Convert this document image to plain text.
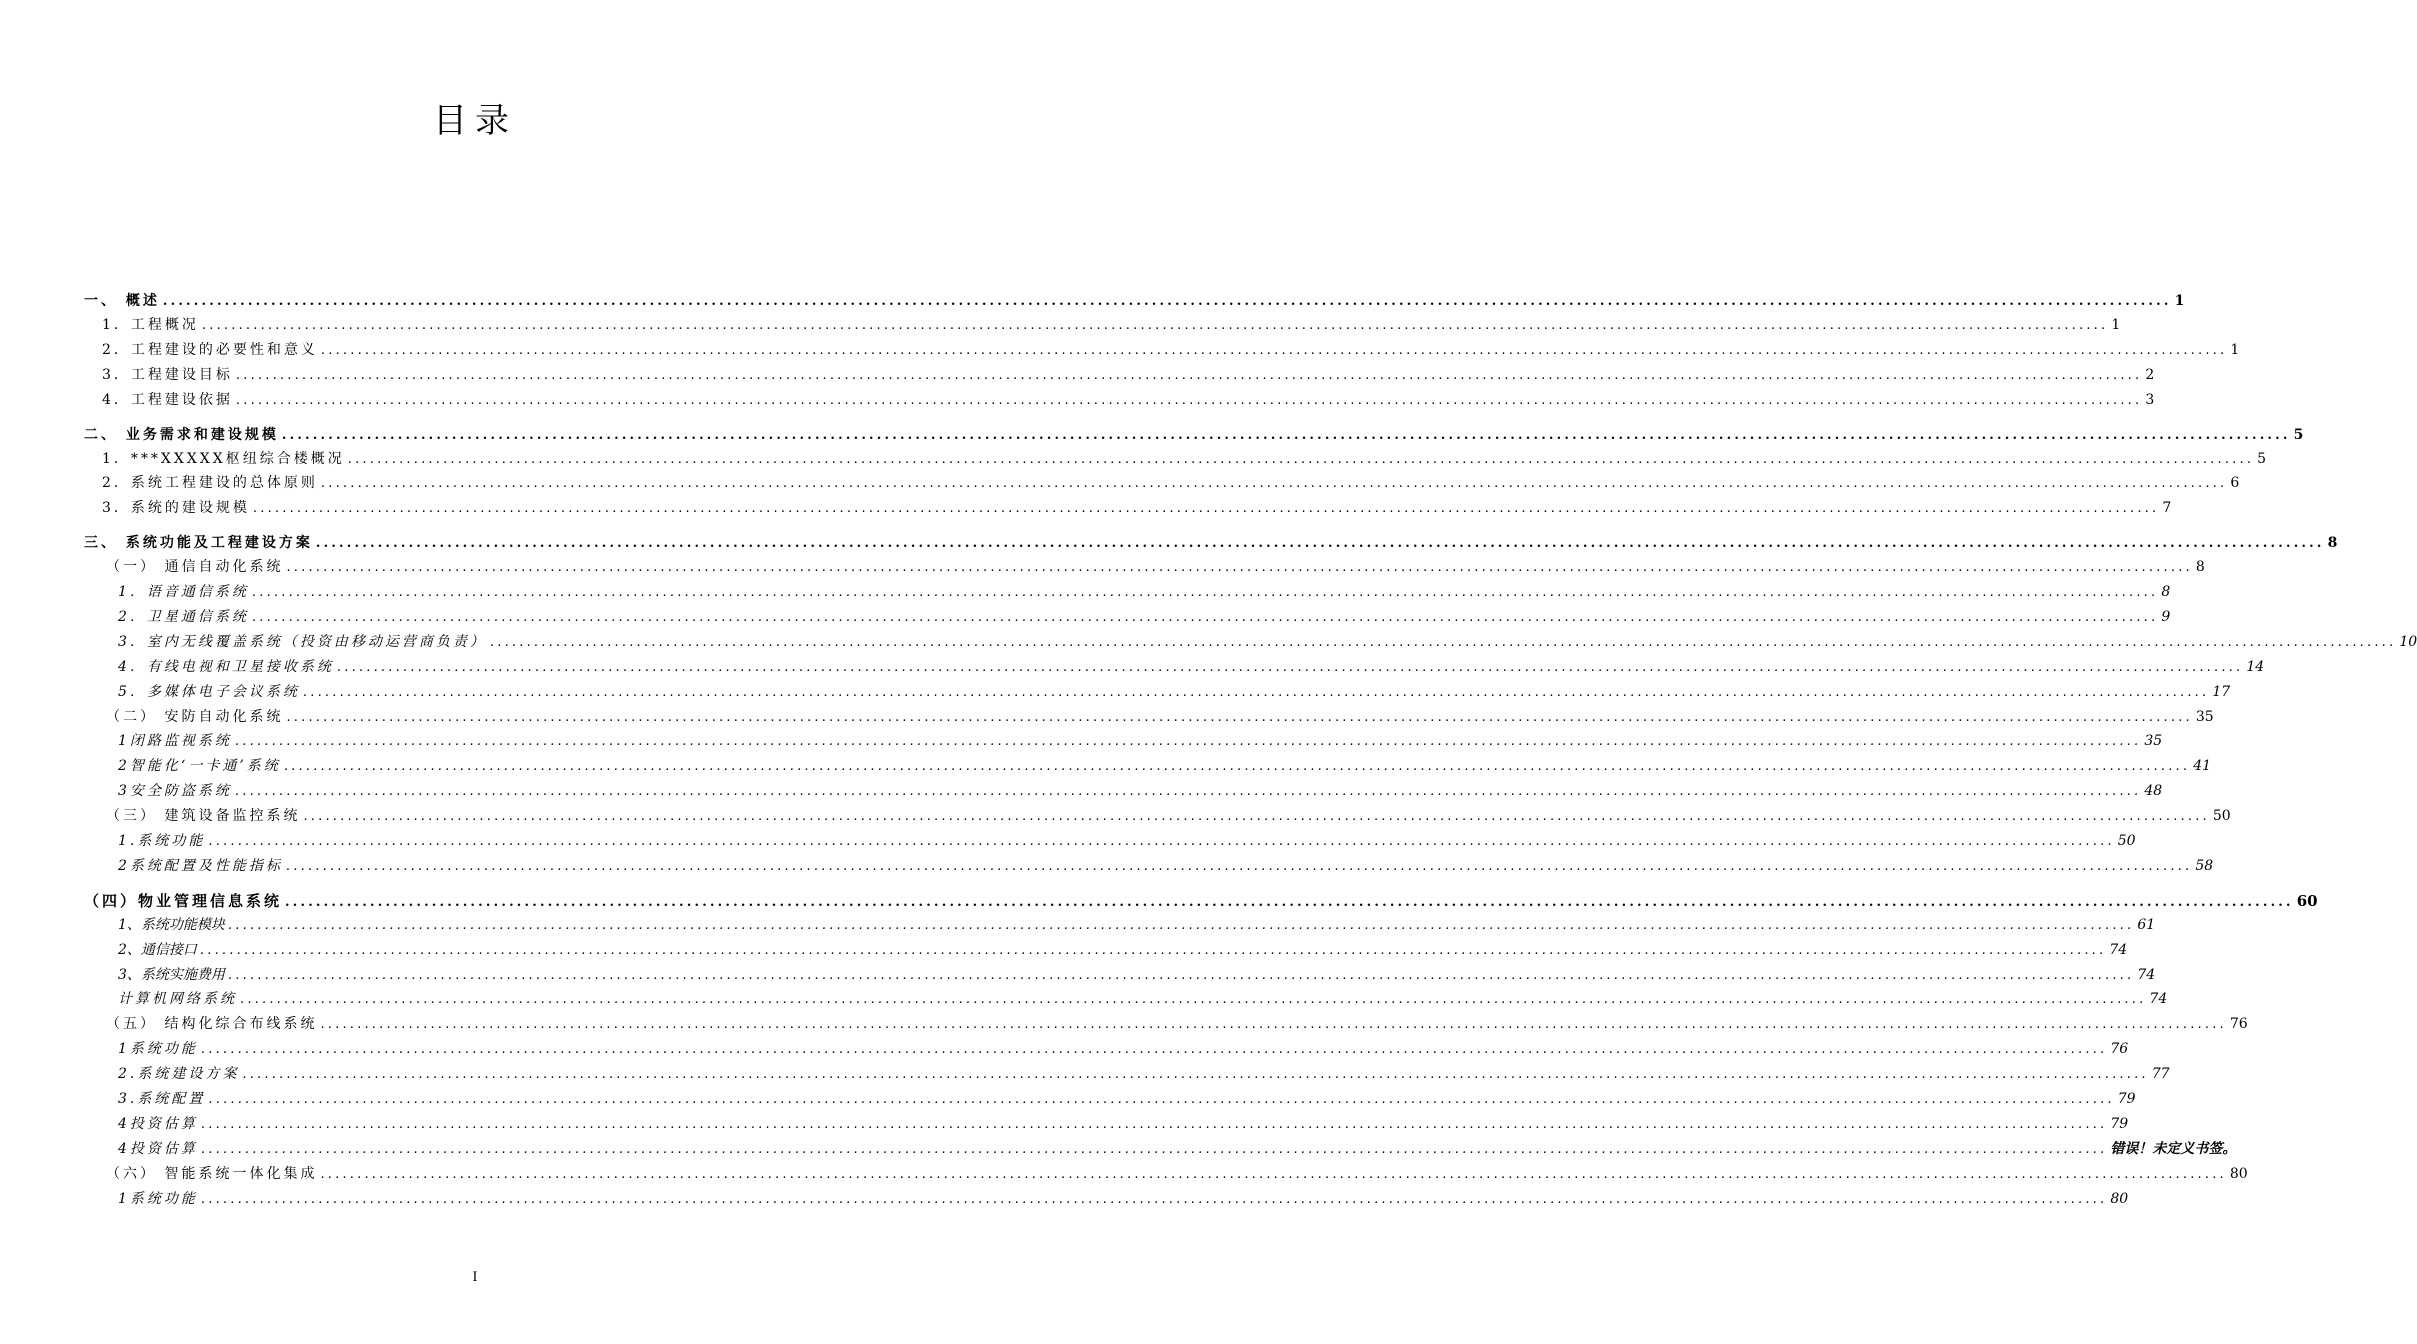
目录
一、 概述 .................................................................................................................................................................................................................................................................... 1
1．工程概况 .................................................................................................................................................................................................................................................................... 1
2．工程建设的必要性和意义 .................................................................................................................................................................................................................................................................... 1
3．工程建设目标 .................................................................................................................................................................................................................................................................... 2
4．工程建设依据 .................................................................................................................................................................................................................................................................... 3
二、 业务需求和建设规模 .................................................................................................................................................................................................................................................................... 5
1．***XXXXX枢纽综合楼概况 .................................................................................................................................................................................................................................................................... 5
2．系统工程建设的总体原则 .................................................................................................................................................................................................................................................................... 6
3．系统的建设规模 .................................................................................................................................................................................................................................................................... 7
三、 系统功能及工程建设方案 .................................................................................................................................................................................................................................................................... 8
（一） 通信自动化系统 .................................................................................................................................................................................................................................................................... 8
1．语音通信系统 .................................................................................................................................................................................................................................................................... 8
2．卫星通信系统 .................................................................................................................................................................................................................................................................... 9
3．室内无线覆盖系统（投资由移动运营商负责） .................................................................................................................................................................................................................................................................... 10
4．有线电视和卫星接收系统 .................................................................................................................................................................................................................................................................... 14
5．多媒体电子会议系统 .................................................................................................................................................................................................................................................................... 17
（二） 安防自动化系统 .................................................................................................................................................................................................................................................................... 35
1闭路监视系统 .................................................................................................................................................................................................................................................................... 35
2智能化‘一卡通’系统 .................................................................................................................................................................................................................................................................... 41
3安全防盗系统 .................................................................................................................................................................................................................................................................... 48
（三） 建筑设备监控系统 .................................................................................................................................................................................................................................................................... 50
1.系统功能 .................................................................................................................................................................................................................................................................... 50
2系统配置及性能指标 .................................................................................................................................................................................................................................................................... 58
（四）物业管理信息系统 .................................................................................................................................................................................................................................................................... 60
1、系统功能模块 .................................................................................................................................................................................................................................................................... 61
2、通信接口 .................................................................................................................................................................................................................................................................... 74
3、系统实施费用 .................................................................................................................................................................................................................................................................... 74
计算机网络系统 .................................................................................................................................................................................................................................................................... 74
（五） 结构化综合布线系统 .................................................................................................................................................................................................................................................................... 76
1系统功能 .................................................................................................................................................................................................................................................................... 76
2.系统建设方案 .................................................................................................................................................................................................................................................................... 77
3.系统配置 .................................................................................................................................................................................................................................................................... 79
4投资估算 .................................................................................................................................................................................................................................................................... 79
4投资估算 .................................................................................................................................................................................................................................................................... 错误！未定义书签。
（六） 智能系统一体化集成 .................................................................................................................................................................................................................................................................... 80
1系统功能 .................................................................................................................................................................................................................................................................... 80
I
